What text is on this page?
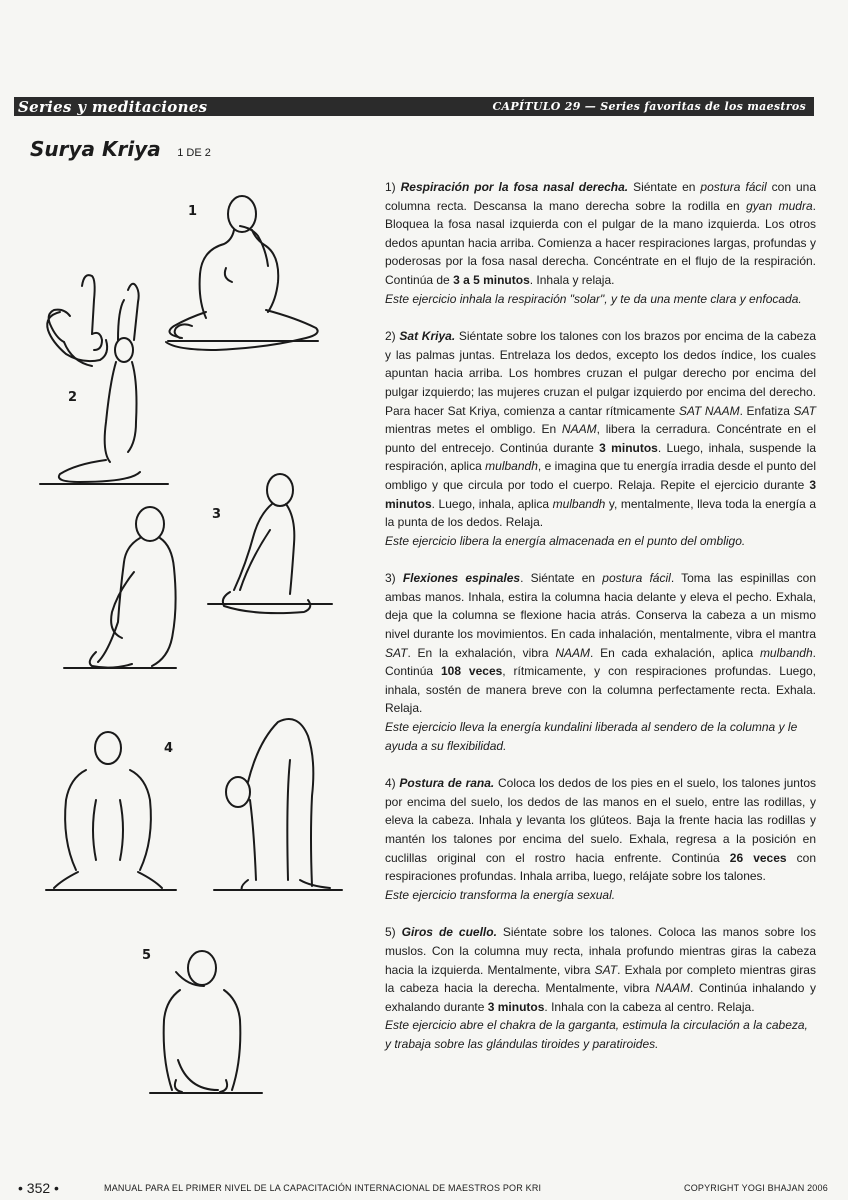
Series y meditaciones	CAPÍTULO 29 — Series favoritas de los maestros
Surya Kriya 1 DE 2
1
2
3
4
5

1) Respiración por la fosa nasal derecha. Siéntate en postura fácil con una columna recta. Descansa la mano derecha sobre la rodilla en gyan mudra. Bloquea la fosa nasal izquierda con el pulgar de la mano izquierda. Los otros dedos apuntan hacia arriba. Comienza a hacer respiraciones largas, profundas y poderosas por la fosa nasal derecha. Concéntrate en el flujo de la respiración. Continúa de 3 a 5 minutos. Inhala y relaja.

Este ejercicio inhala la respiración "solar", y te da una mente clara y enfocada.

2) Sat Kriya. Siéntate sobre los talones con los brazos por encima de la cabeza y las palmas juntas. Entrelaza los dedos, excepto los dedos índice, los cuales apuntan hacia arriba. Los hombres cruzan el pulgar derecho por encima del pulgar izquierdo; las mujeres cruzan el pulgar izquierdo por encima del derecho. Para hacer Sat Kriya, comienza a cantar rítmicamente SAT NAAM. Enfatiza SAT mientras metes el ombligo. En NAAM, libera la cerradura. Concéntrate en el punto del entrecejo. Continúa durante 3 minutos. Luego, inhala, suspende la respiración, aplica mulbandh, e imagina que tu energía irradia desde el punto del ombligo y que circula por todo el cuerpo. Relaja. Repite el ejercicio durante 3 minutos. Luego, inhala, aplica mulbandh y, mentalmente, lleva toda la energía a la punta de los dedos. Relaja.

Este ejercicio libera la energía almacenada en el punto del ombligo.

3) Flexiones espinales. Siéntate en postura fácil. Toma las espinillas con ambas manos. Inhala, estira la columna hacia delante y eleva el pecho. Exhala, deja que la columna se flexione hacia atrás. Conserva la cabeza a un mismo nivel durante los movimientos. En cada inhalación, mentalmente, vibra el mantra SAT. En la exhalación, vibra NAAM. En cada exhalación, aplica mulbandh. Continúa 108 veces, rítmicamente, y con respiraciones profundas. Luego, inhala, sostén de manera breve con la columna perfectamente recta. Exhala. Relaja.

Este ejercicio lleva la energía kundalini liberada al sendero de la columna y le ayuda a su flexibilidad.

4) Postura de rana. Coloca los dedos de los pies en el suelo, los talones juntos por encima del suelo, los dedos de las manos en el suelo, entre las rodillas, y eleva la cabeza. Inhala y levanta los glúteos. Baja la frente hacia las rodillas y mantén los talones por encima del suelo. Exhala, regresa a la posición en cuclillas original con el rostro hacia enfrente. Continúa 26 veces con respiraciones profundas. Inhala arriba, luego, relájate sobre los talones.

Este ejercicio transforma la energía sexual.

5) Giros de cuello. Siéntate sobre los talones. Coloca las manos sobre los muslos. Con la columna muy recta, inhala profundo mientras giras la cabeza hacia la izquierda. Mentalmente, vibra SAT. Exhala por completo mientras giras la cabeza hacia la derecha. Mentalmente, vibra NAAM. Continúa inhalando y exhalando durante 3 minutos. Inhala con la cabeza al centro. Relaja.

Este ejercicio abre el chakra de la garganta, estimula la circulación a la cabeza, y trabaja sobre las glándulas tiroides y paratiroides.

• 352 •	MANUAL PARA EL PRIMER NIVEL DE LA CAPACITACIÓN INTERNACIONAL DE MAESTROS POR KRI	COPYRIGHT YOGI BHAJAN 2006
